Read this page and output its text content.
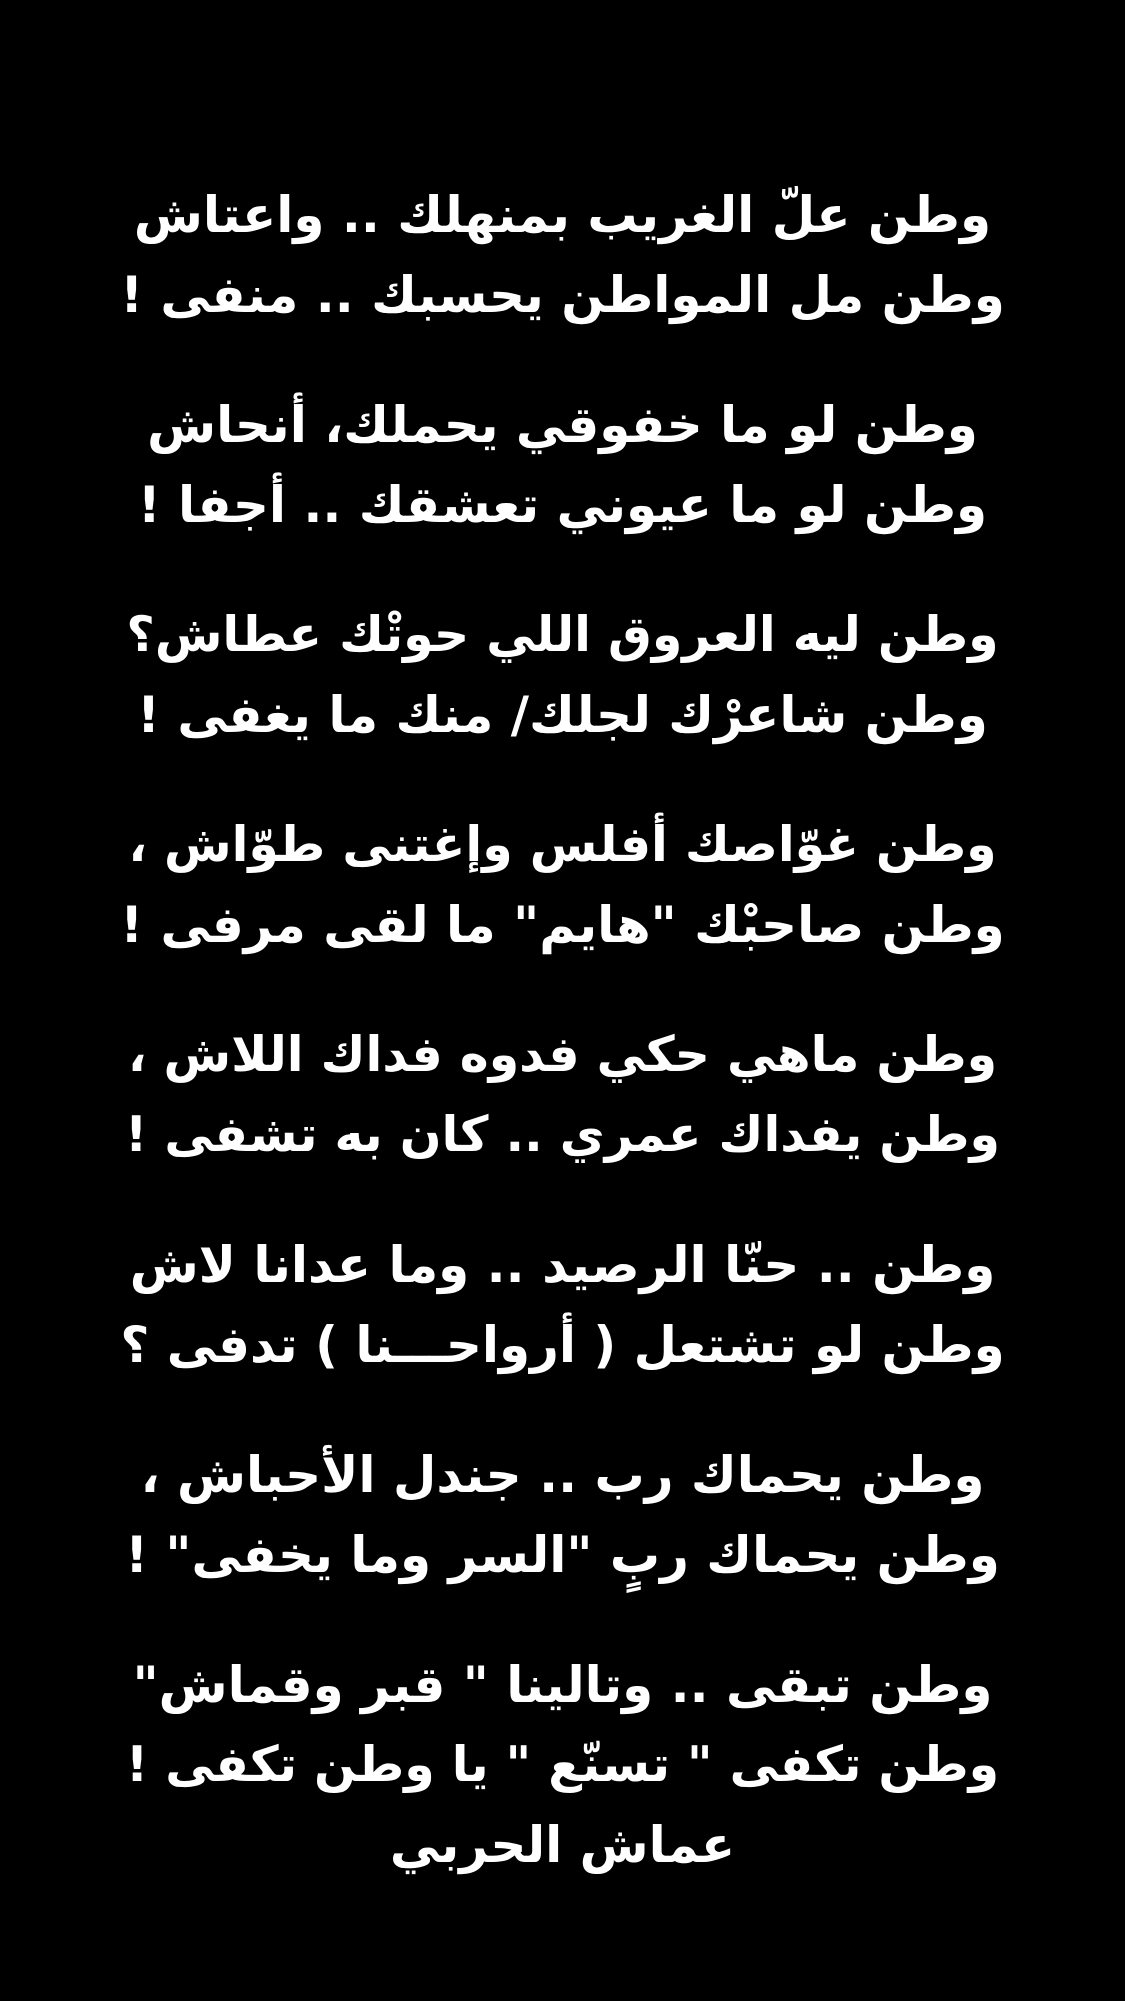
وطن علّ الغريب بمنهلك .. واعتاش
وطن مل المواطن يحسبك .. منفى !
وطن لو ما خفوقي يحملك، أنحاش
وطن لو ما عيوني تعشقك .. أجفا !
وطن ليه العروق اللي حوتْك عطاش؟
وطن شاعرْك لجلك/ منك ما يغفى !
وطن غوّاصك أفلس وإغتنى طوّاش ،
وطن صاحبْك "هايم" ما لقى مرفى !
وطن ماهي حكي فدوه فداك اللاش ،
وطن يفداك عمري .. كان به تشفى !
وطن .. حنّا الرصيد .. وما عدانا لاش
وطن لو تشتعل ( أرواحـــنا ) تدفى ؟
وطن يحماك رب .. جندل الأحباش ،
وطن يحماك ربٍ "السر وما يخفى" !
وطن تبقى .. وتالينا " قبر وقماش"
وطن تكفى " تسنّع " يا وطن تكفى !
عماش الحربي
